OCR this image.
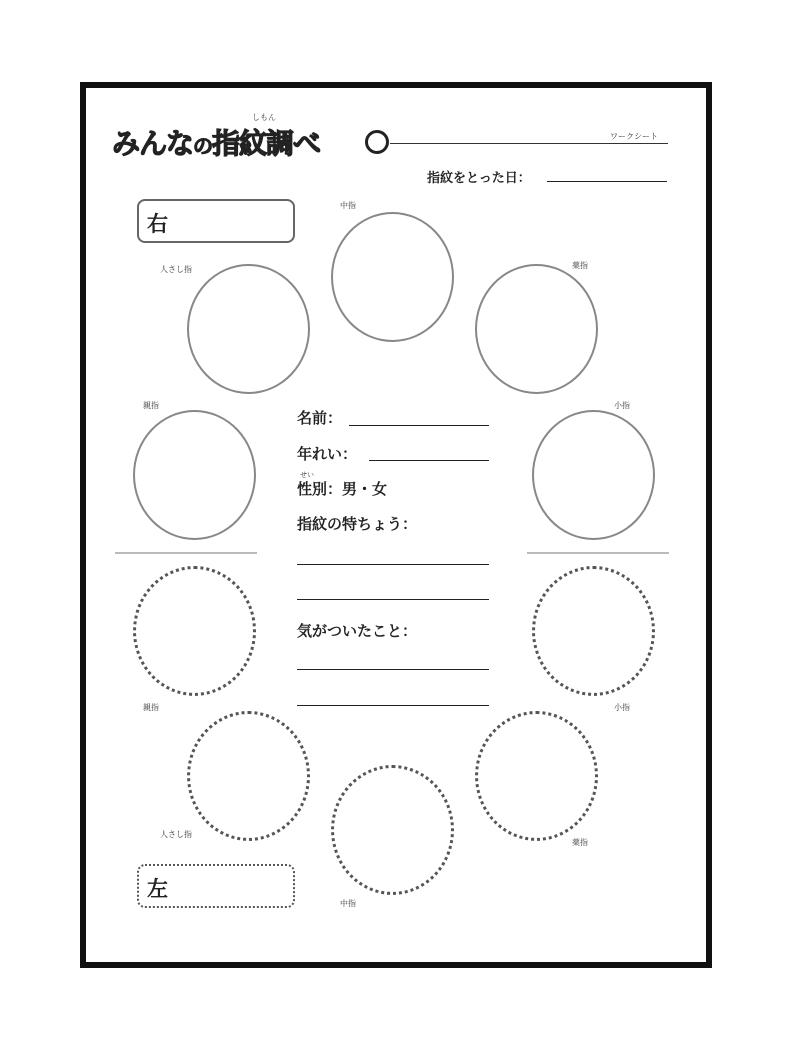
みんなの指紋調べ
しもん
ワークシート
指紋をとった日：
右
中指
人さし指	薬指
親指	小指
名前：
年れい：
せい
性別：男・女
指紋の特ちょう：
気がついたこと：
親指	小指
人さし指
薬指
中指
左
